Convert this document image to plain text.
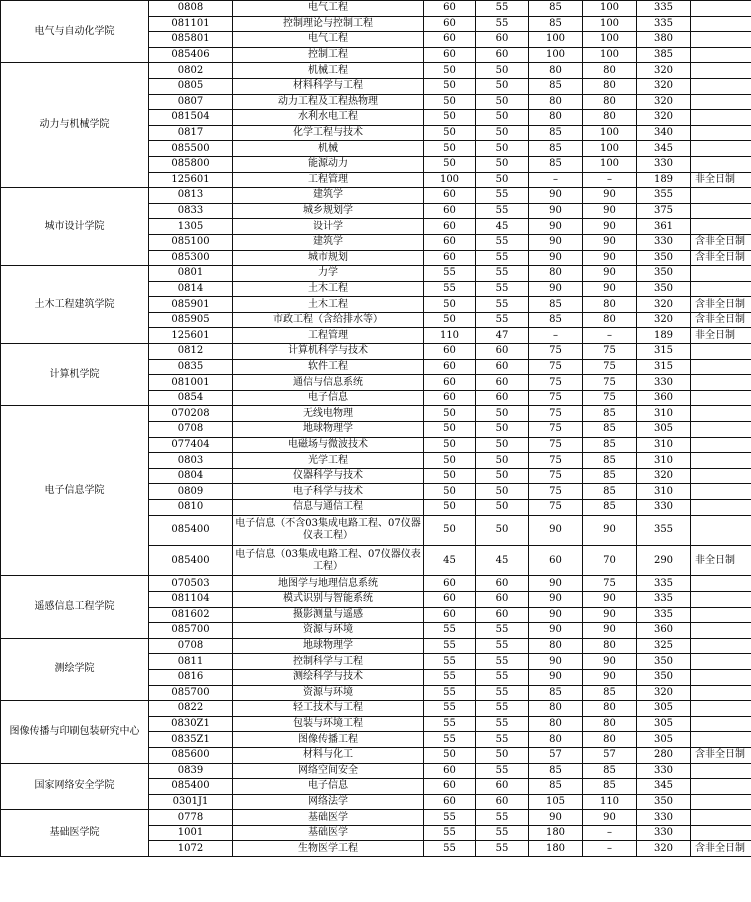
电气与自动化学院	0808	电气工程	60	55	85	100	335	
	081101	控制理论与控制工程	60	55	85	100	335	
	085801	电气工程	60	60	100	100	380	
	085406	控制工程	60	60	100	100	385	
动力与机械学院	0802	机械工程	50	50	80	80	320	
	0805	材料科学与工程	50	50	85	80	320	
	0807	动力工程及工程热物理	50	50	80	80	320	
	081504	水利水电工程	50	50	80	80	320	
	0817	化学工程与技术	50	50	85	100	340	
	085500	机械	50	50	85	100	345	
	085800	能源动力	50	50	85	100	330	
	125601	工程管理	100	50	–	–	189	非全日制
城市设计学院	0813	建筑学	60	55	90	90	355	
	0833	城乡规划学	60	55	90	90	375	
	1305	设计学	60	45	90	90	361	
	085100	建筑学	60	55	90	90	330	含非全日制
	085300	城市规划	60	55	90	90	350	含非全日制
土木工程建筑学院	0801	力学	55	55	80	90	350	
	0814	土木工程	55	55	90	90	350	
	085901	土木工程	50	55	85	80	320	含非全日制
	085905	市政工程（含给排水等）	50	55	85	80	320	含非全日制
	125601	工程管理	110	47	–	–	189	非全日制
计算机学院	0812	计算机科学与技术	60	60	75	75	315	
	0835	软件工程	60	60	75	75	315	
	081001	通信与信息系统	60	60	75	75	330	
	0854	电子信息	60	60	75	75	360	
电子信息学院	070208	无线电物理	50	50	75	85	310	
	0708	地球物理学	50	50	75	85	305	
	077404	电磁场与微波技术	50	50	75	85	310	
	0803	光学工程	50	50	75	85	310	
	0804	仪器科学与技术	50	50	75	85	320	
	0809	电子科学与技术	50	50	75	85	310	
	0810	信息与通信工程	50	50	75	85	330	
	085400	电子信息（不含03集成电路工程、07仪器仪表工程）	50	50	90	90	355	
	085400	电子信息（03集成电路工程、07仪器仪表工程）	45	45	60	70	290	非全日制
遥感信息工程学院	070503	地图学与地理信息系统	60	60	90	75	335	
	081104	模式识别与智能系统	60	60	90	90	335	
	081602	摄影测量与遥感	60	60	90	90	335	
	085700	资源与环境	55	55	90	90	360	
测绘学院	0708	地球物理学	55	55	80	80	325	
	0811	控制科学与工程	55	55	90	90	350	
	0816	测绘科学与技术	55	55	90	90	350	
	085700	资源与环境	55	55	85	85	320	
图像传播与印刷包装研究中心	0822	轻工技术与工程	55	55	80	80	305	
	0830Z1	包装与环境工程	55	55	80	80	305	
	0835Z1	图像传播工程	55	55	80	80	305	
	085600	材料与化工	50	50	57	57	280	含非全日制
国家网络安全学院	0839	网络空间安全	60	55	85	85	330	
	085400	电子信息	60	60	85	85	345	
	0301J1	网络法学	60	60	105	110	350	
基础医学院	0778	基础医学	55	55	90	90	330	
	1001	基础医学	55	55	180	–	330	
	1072	生物医学工程	55	55	180	–	320	含非全日制
